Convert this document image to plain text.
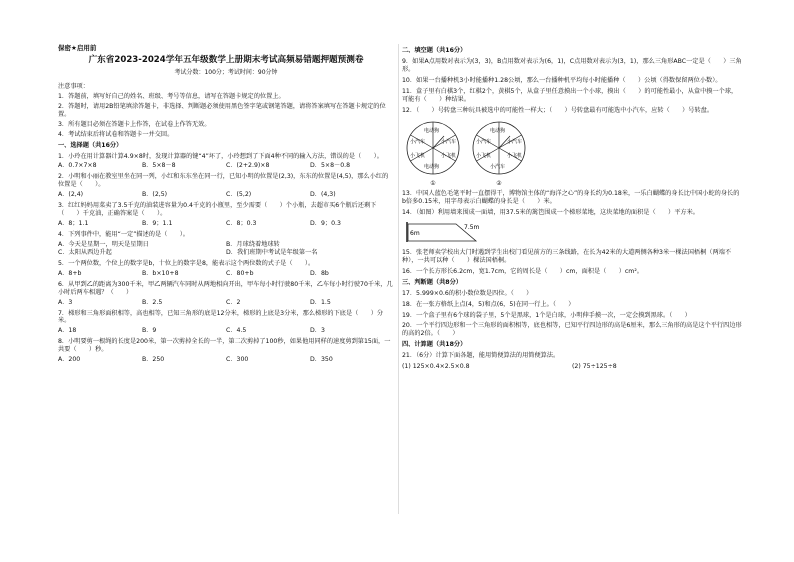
保密★启用前
广东省2023-2024学年五年级数学上册期末考试高频易错题押题预测卷
考试分数：100分；考试时间：90分钟
注意事项：
1．答题前，填写好自己的姓名、班级、考号等信息，请写在答题卡规定的位置上。
2．答题时，请用2B铅笔填涂答题卡，非选择、判断题必须使用黑色签字笔或钢笔答题，请将答案填写在答题卡规定的位置。
3．所有题目必须在答题卡上作答，在试卷上作答无效。
4．考试结束后将试卷和答题卡一并交回。
一、选择题（共16分）
1．小玲在用计算器计算4.9×8时，发现计算器的键“4”坏了，小玲想到了下面4种不同的输入方法，错误的是（　　）。
A．0.7×7×8	B．5×8－8	C．(2+2.9)×8	D．5×8－0.8
2．小明和小丽在教室里坐在同一列，小红和东东坐在同一行，已知小明的位置是(2,3)，东东的位置是(4,5)，那么小红的位置是（　　）。
A．(2,4)	B．(2,5)	C．(5,2)	D．(4,3)
3．红红妈妈用菜卖了3.5千克的油装进容量为0.4千克的小瓶里，至少需要（　　）个小瓶，去超市买6个瓶后还剩下（　　）千克油，正确答案是（　　）。
A．8；1.1	B．9；1.1	C．8；0.3	D．9；0.3
4．下列事件中，能用“一定”描述的是（　　）。
A．今天是星期一，明天是星期日	B．月球绕着地球转
C．太阳从西边升起	D．我们班期中考试是年级第一名
5．一个两位数，个位上的数字是b，十位上的数字是8，能表示这个两位数的式子是（　　）。
A．8+b	B．b×10+8	C．80+b	D．8b
6．从甲到乙的距离为300千米，甲乙两辆汽车同时从两地相向开出，甲车每小时行驶80千米，乙车每小时行驶70千米，几小时后两车相遇？（　　）
A．3	B．2.5	C．2	D．1.5
7．梯形和三角形面积相等，高也相等，已知三角形的底是12分米，梯形的上底是3分米，那么梯形的下底是（　　）分米。
A．18	B．9	C．4.5	D．3
8．小明要剪一根绳的长度是200米，第一次剪掉全长的一半，第二次剪掉了100秒，如果他用同样的速度剪到第15面，一共要（　　）秒。
A．200	B．250	C．300	D．350
二、填空题（共16分）
9．如果A点用数对表示为(3，3)，B点用数对表示为(6，1)，C点用数对表示为(3，1)，那么三角形ABC一定是（　　）三角形。
10．如果一台播种机3小时能播种1.28公顷，那么一台播种机平均每小时能播种（　　）公顷（得数保留两位小数）。
11．盒子里有白棋3个，红棋2个，黄棋5个，从盒子里任意摸出一个小球，摸出（　　）的可能性最小，从盒中摸一个球，可能有（　　）种结果。
12．（　　）号转盘三种玩具被选中的可能性一样大；（　　）号转盘最有可能选中小汽车，应转（　　）号转盘。
电动狗
小汽车
小飞机
电动狗
小飞机
小汽车
①
电动狗
小汽车
小飞机
小汽车
小飞机
小汽车
②
13．中国人蓝色毛笔平时一直摆得干，博物馆主体的“海洋之心”的身长约为0.18米，一乐白蝴蝶的身长比中国小蛇的身长的b倍多0.15米，用字母表示白蝴蝶的身长是（　　）米。
14．（如图）利用墙来围成一面墙，用37.5米的篱笆围成一个梯形菜地，这块菜地的面积是（　　）平方米。
6m
7.5m
15．张老师卖学校出大门时遇到学生出校门看见前方的三条线路，在长为42米的大道两侧各种3米一棵法国梧桐（两端不种），一共可以种（　　）棵法国梧桐。
16．一个长方形长6.2cm，宽1.7cm，它的周长是（　　）cm，面积是（　　）cm²。
三、判断题（共8分）
17．5.999×0.6的积小数位数是四位。（　　）
18．在一张方格纸上点(4，5)和点(6，5)在同一行上。（　　）
19．一个盒子里有6个球的袋子里，5个是黑球，1个是白球，小明伸手摸一次，一定会摸到黑球。（　　）
20．一个平行四边形和一个三角形的面积相等，底也相等，已知平行四边形的高是6厘米，那么三角形的高是这个平行四边形的高的2倍。（　　）
四、计算题（共18分）
21．（6分）计算下面各题，能用简便算法的用简便算法。
(1) 125×0.4×2.5×0.8	(2) 75÷125÷8
